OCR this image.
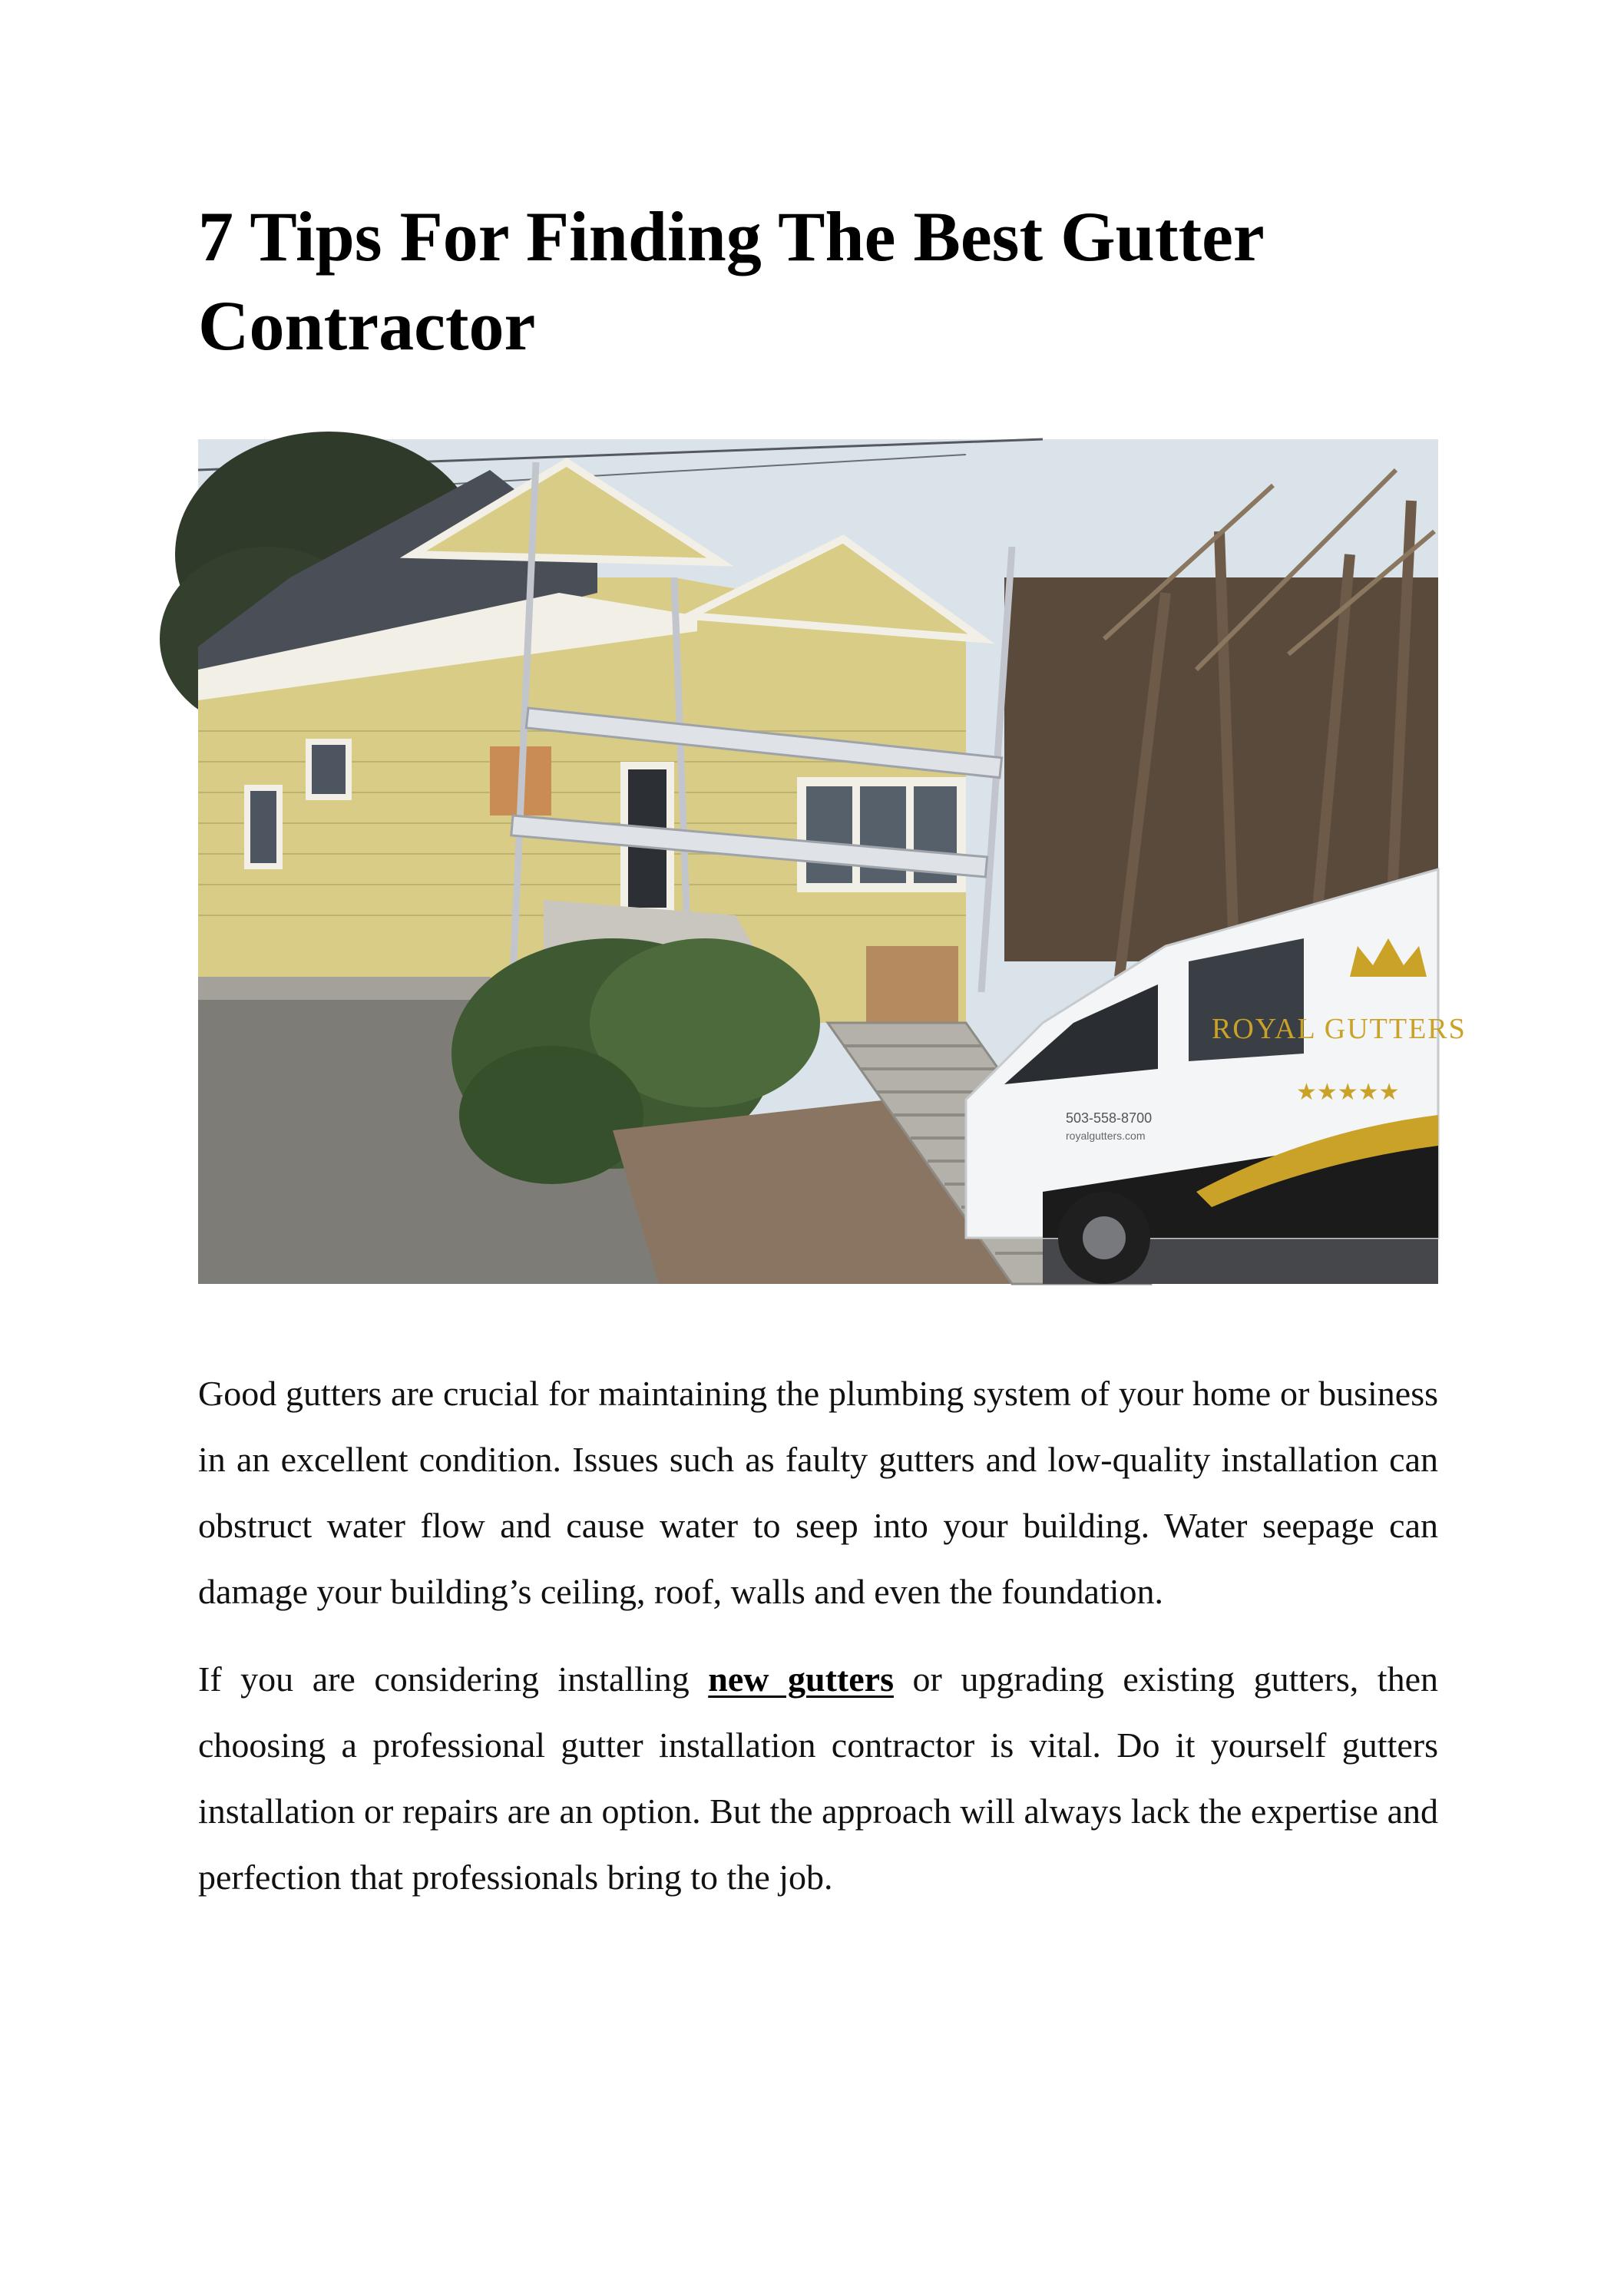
7 Tips For Finding The Best Gutter Contractor
ROYAL GUTTERS
★★★★★
503-558-8700
royalgutters.com

Good gutters are crucial for maintaining the plumbing system of your home or business in an excellent condition. Issues such as faulty gutters and low-quality installation can obstruct water flow and cause water to seep into your building. Water seepage can damage your building’s ceiling, roof, walls and even the foundation.

If you are considering installing new gutters or upgrading existing gutters, then choosing a professional gutter installation contractor is vital. Do it yourself gutters installation or repairs are an option. But the approach will always lack the expertise and perfection that professionals bring to the job.
